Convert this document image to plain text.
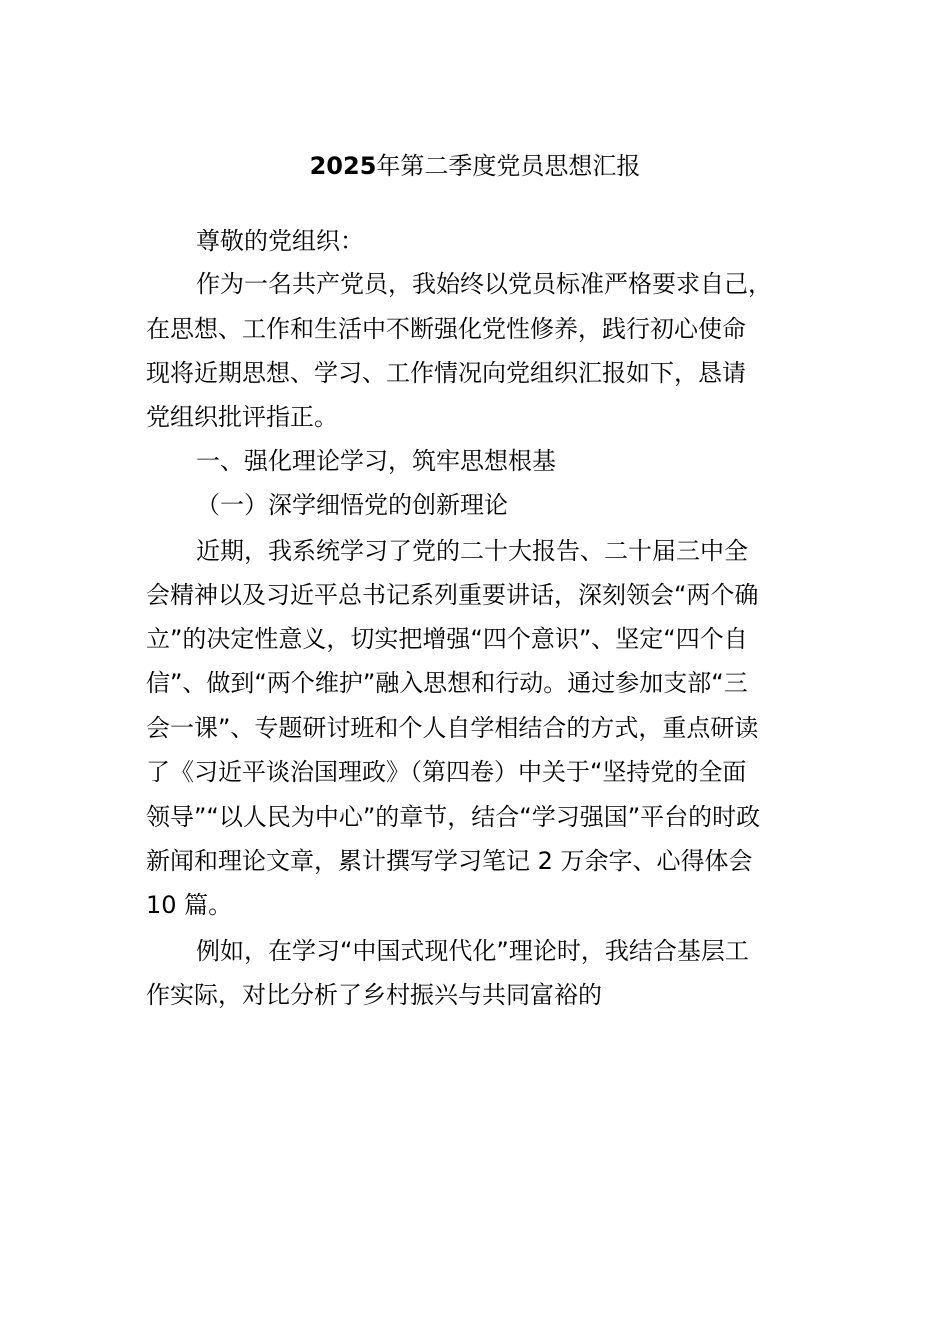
2025年第二季度党员思想汇报
尊敬的党组织：
作为一名共产党员，我始终以党员标准严格要求自己，
在思想、工作和生活中不断强化党性修养，践行初心使命
现将近期思想、学习、工作情况向党组织汇报如下，恳请
党组织批评指正。
一、强化理论学习，筑牢思想根基
（一）深学细悟党的创新理论
近期，我系统学习了党的二十大报告、二十届三中全
会精神以及习近平总书记系列重要讲话，深刻领会“两个确
立”的决定性意义，切实把增强“四个意识”、坚定“四个自
信”、做到“两个维护”融入思想和行动。通过参加支部“三
会一课”、专题研讨班和个人自学相结合的方式，重点研读
了《习近平谈治国理政》（第四卷）中关于“坚持党的全面
领导”“以人民为中心”的章节，结合“学习强国”平台的时政
新闻和理论文章，累计撰写学习笔记 2 万余字、心得体会
10 篇。
例如，在学习“中国式现代化”理论时，我结合基层工
作实际，对比分析了乡村振兴与共同富裕的
